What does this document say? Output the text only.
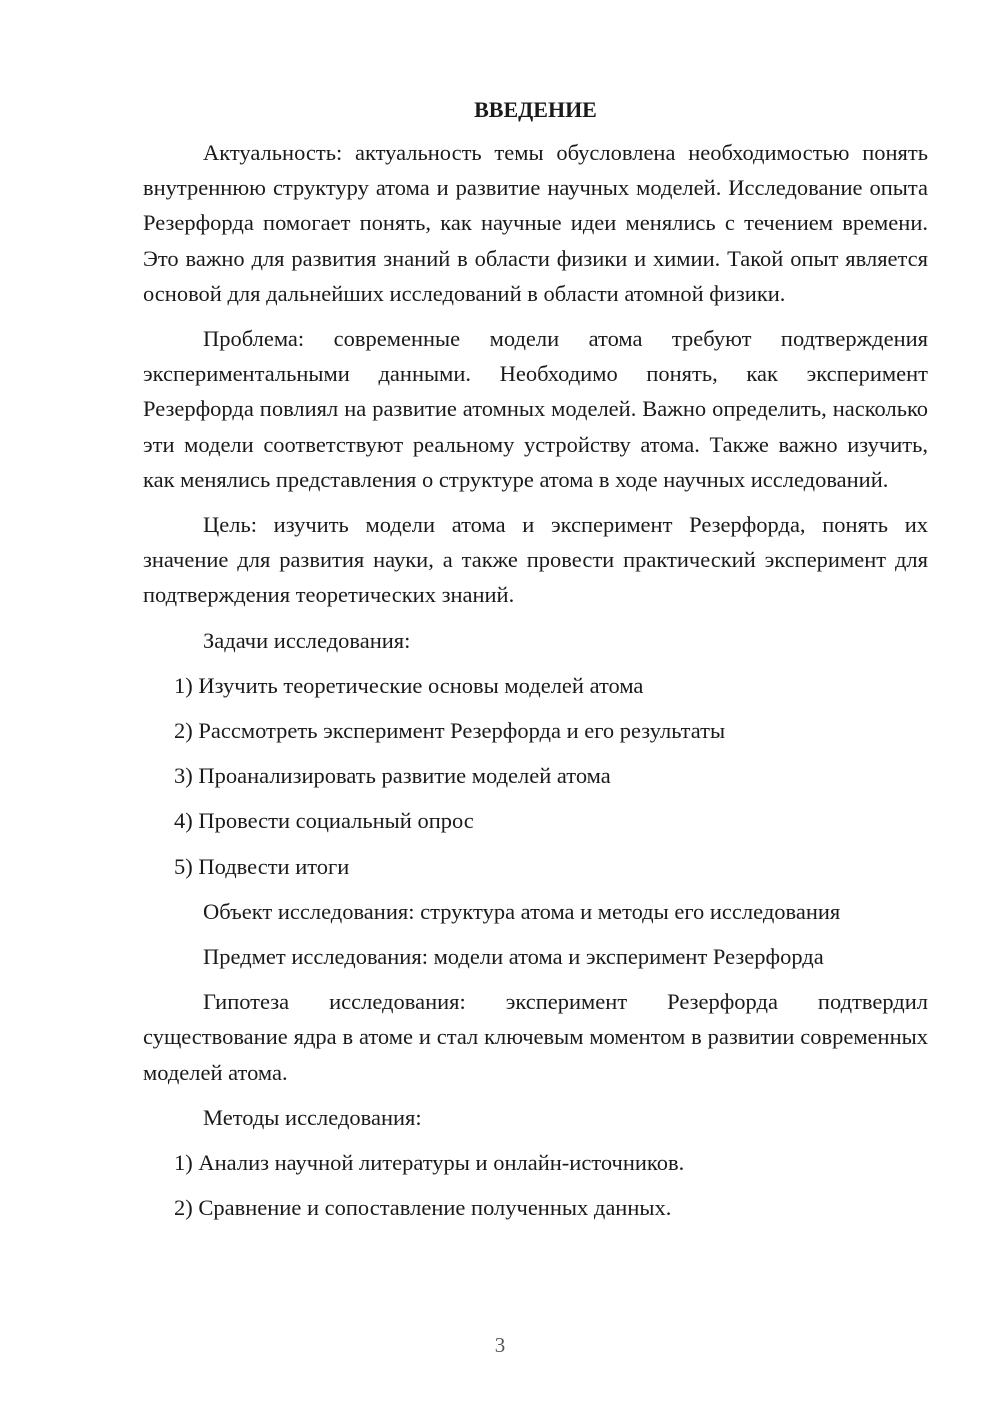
ВВЕДЕНИЕ

Актуальность: актуальность темы обусловлена необходимостью понять внутреннюю структуру атома и развитие научных моделей. Исследование опыта Резерфорда помогает понять, как научные идеи менялись с течением времени. Это важно для развития знаний в области физики и химии. Такой опыт является основой для дальнейших исследований в области атомной физики.

Проблема: современные модели атома требуют подтверждения экспериментальными данными. Необходимо понять, как эксперимент Резерфорда повлиял на развитие атомных моделей. Важно определить, насколько эти модели соответствуют реальному устройству атома. Также важно изучить, как менялись представления о структуре атома в ходе научных исследований.

Цель: изучить модели атома и эксперимент Резерфорда, понять их значение для развития науки, а также провести практический эксперимент для подтверждения теоретических знаний.

Задачи исследования:
1) Изучить теоретические основы моделей атома
2) Рассмотреть эксперимент Резерфорда и его результаты
3) Проанализировать развитие моделей атома
4) Провести социальный опрос
5) Подвести итоги
Объект исследования: структура атома и методы его исследования
Предмет исследования: модели атома и эксперимент Резерфорда

Гипотеза исследования: эксперимент Резерфорда подтвердил существование ядра в атоме и стал ключевым моментом в развитии современных моделей атома.

Методы исследования:
1) Анализ научной литературы и онлайн-источников.
2) Сравнение и сопоставление полученных данных.
3
